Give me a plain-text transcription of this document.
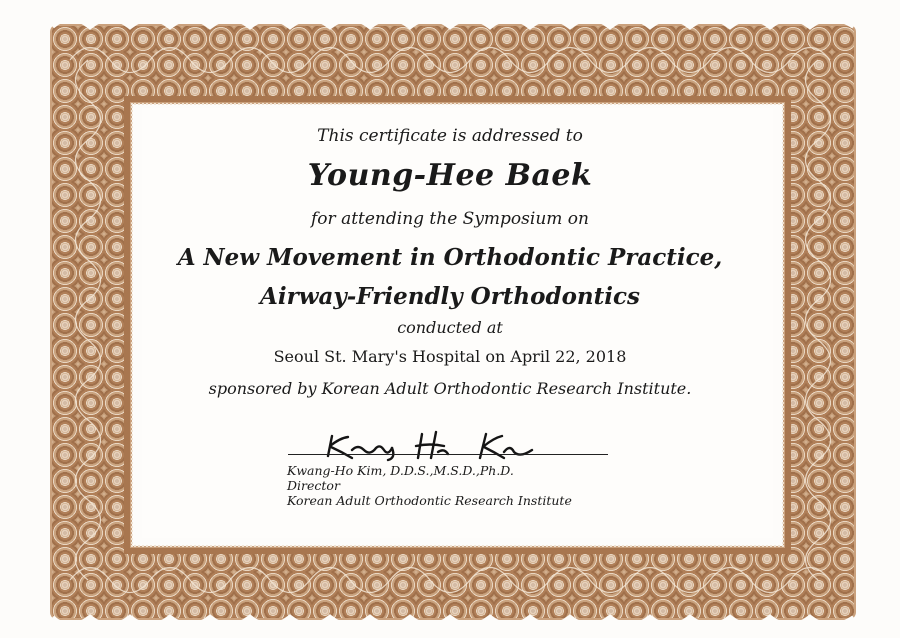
This certificate is addressed to
Young-Hee Baek
for attending the Symposium on
A New Movement in Orthodontic Practice,
Airway-Friendly Orthodontics
conducted at
Seoul St. Mary's Hospital on April 22, 2018
sponsored by Korean Adult Orthodontic Research Institute.
Kwang-Ho Kim, D.D.S.,M.S.D.,Ph.D.
Director
Korean Adult Orthodontic Research Institute
